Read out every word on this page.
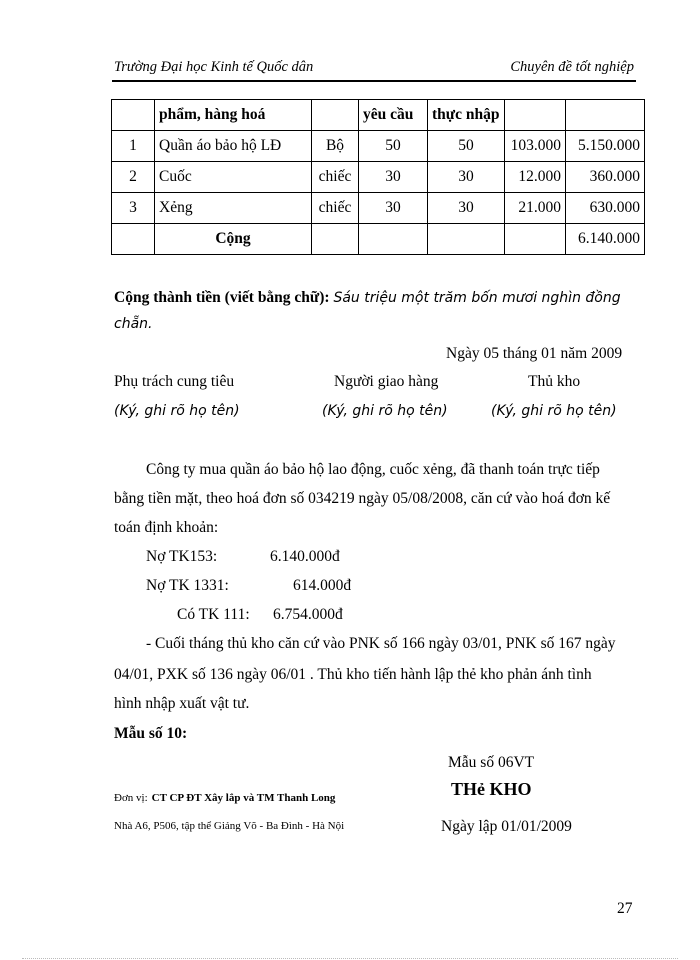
Trường Đại học Kinh tế Quốc dân	Chuyên đề tốt nghiệp
	phẩm, hàng hoá		yêu cầu	thực nhập		
1	Quần áo bảo hộ LĐ	Bộ	50	50	103.000	5.150.000
2	Cuốc	chiếc	30	30	12.000	360.000
3	Xẻng	chiếc	30	30	21.000	630.000
	Cộng					6.140.000
Cộng thành tiền (viết bằng chữ): Sáu triệu một trăm bốn mươi nghìn đồng
chẵn.
Ngày 05 tháng 01 năm 2009
Phụ trách cung tiêu	Người giao hàng	Thủ kho
(Ký, ghi rõ họ tên)	(Ký, ghi rõ họ tên)	(Ký, ghi rõ họ tên)
Công ty mua quần áo bảo hộ lao động, cuốc xẻng, đã thanh toán trực tiếp
bằng tiền mặt, theo hoá đơn số 034219 ngày 05/08/2008, căn cứ vào hoá đơn kế
toán định khoản:
Nợ TK153:	6.140.000đ
Nợ TK 1331:	614.000đ
Có TK 111: 6.754.000đ
- Cuối tháng thủ kho căn cứ vào PNK số 166 ngày 03/01, PNK số 167 ngày
04/01, PXK số 136 ngày 06/01 . Thủ kho tiến hành lập thẻ kho phản ánh tình
hình nhập xuất vật tư.
Mẫu số 10:
Mẫu số 06VT
Đơn vị: CT CP ĐT Xây lắp và TM Thanh Long	THẻ KHO
Nhà A6, P506, tập thể Giảng Võ - Ba Đình - Hà Nội	Ngày lập 01/01/2009
27
